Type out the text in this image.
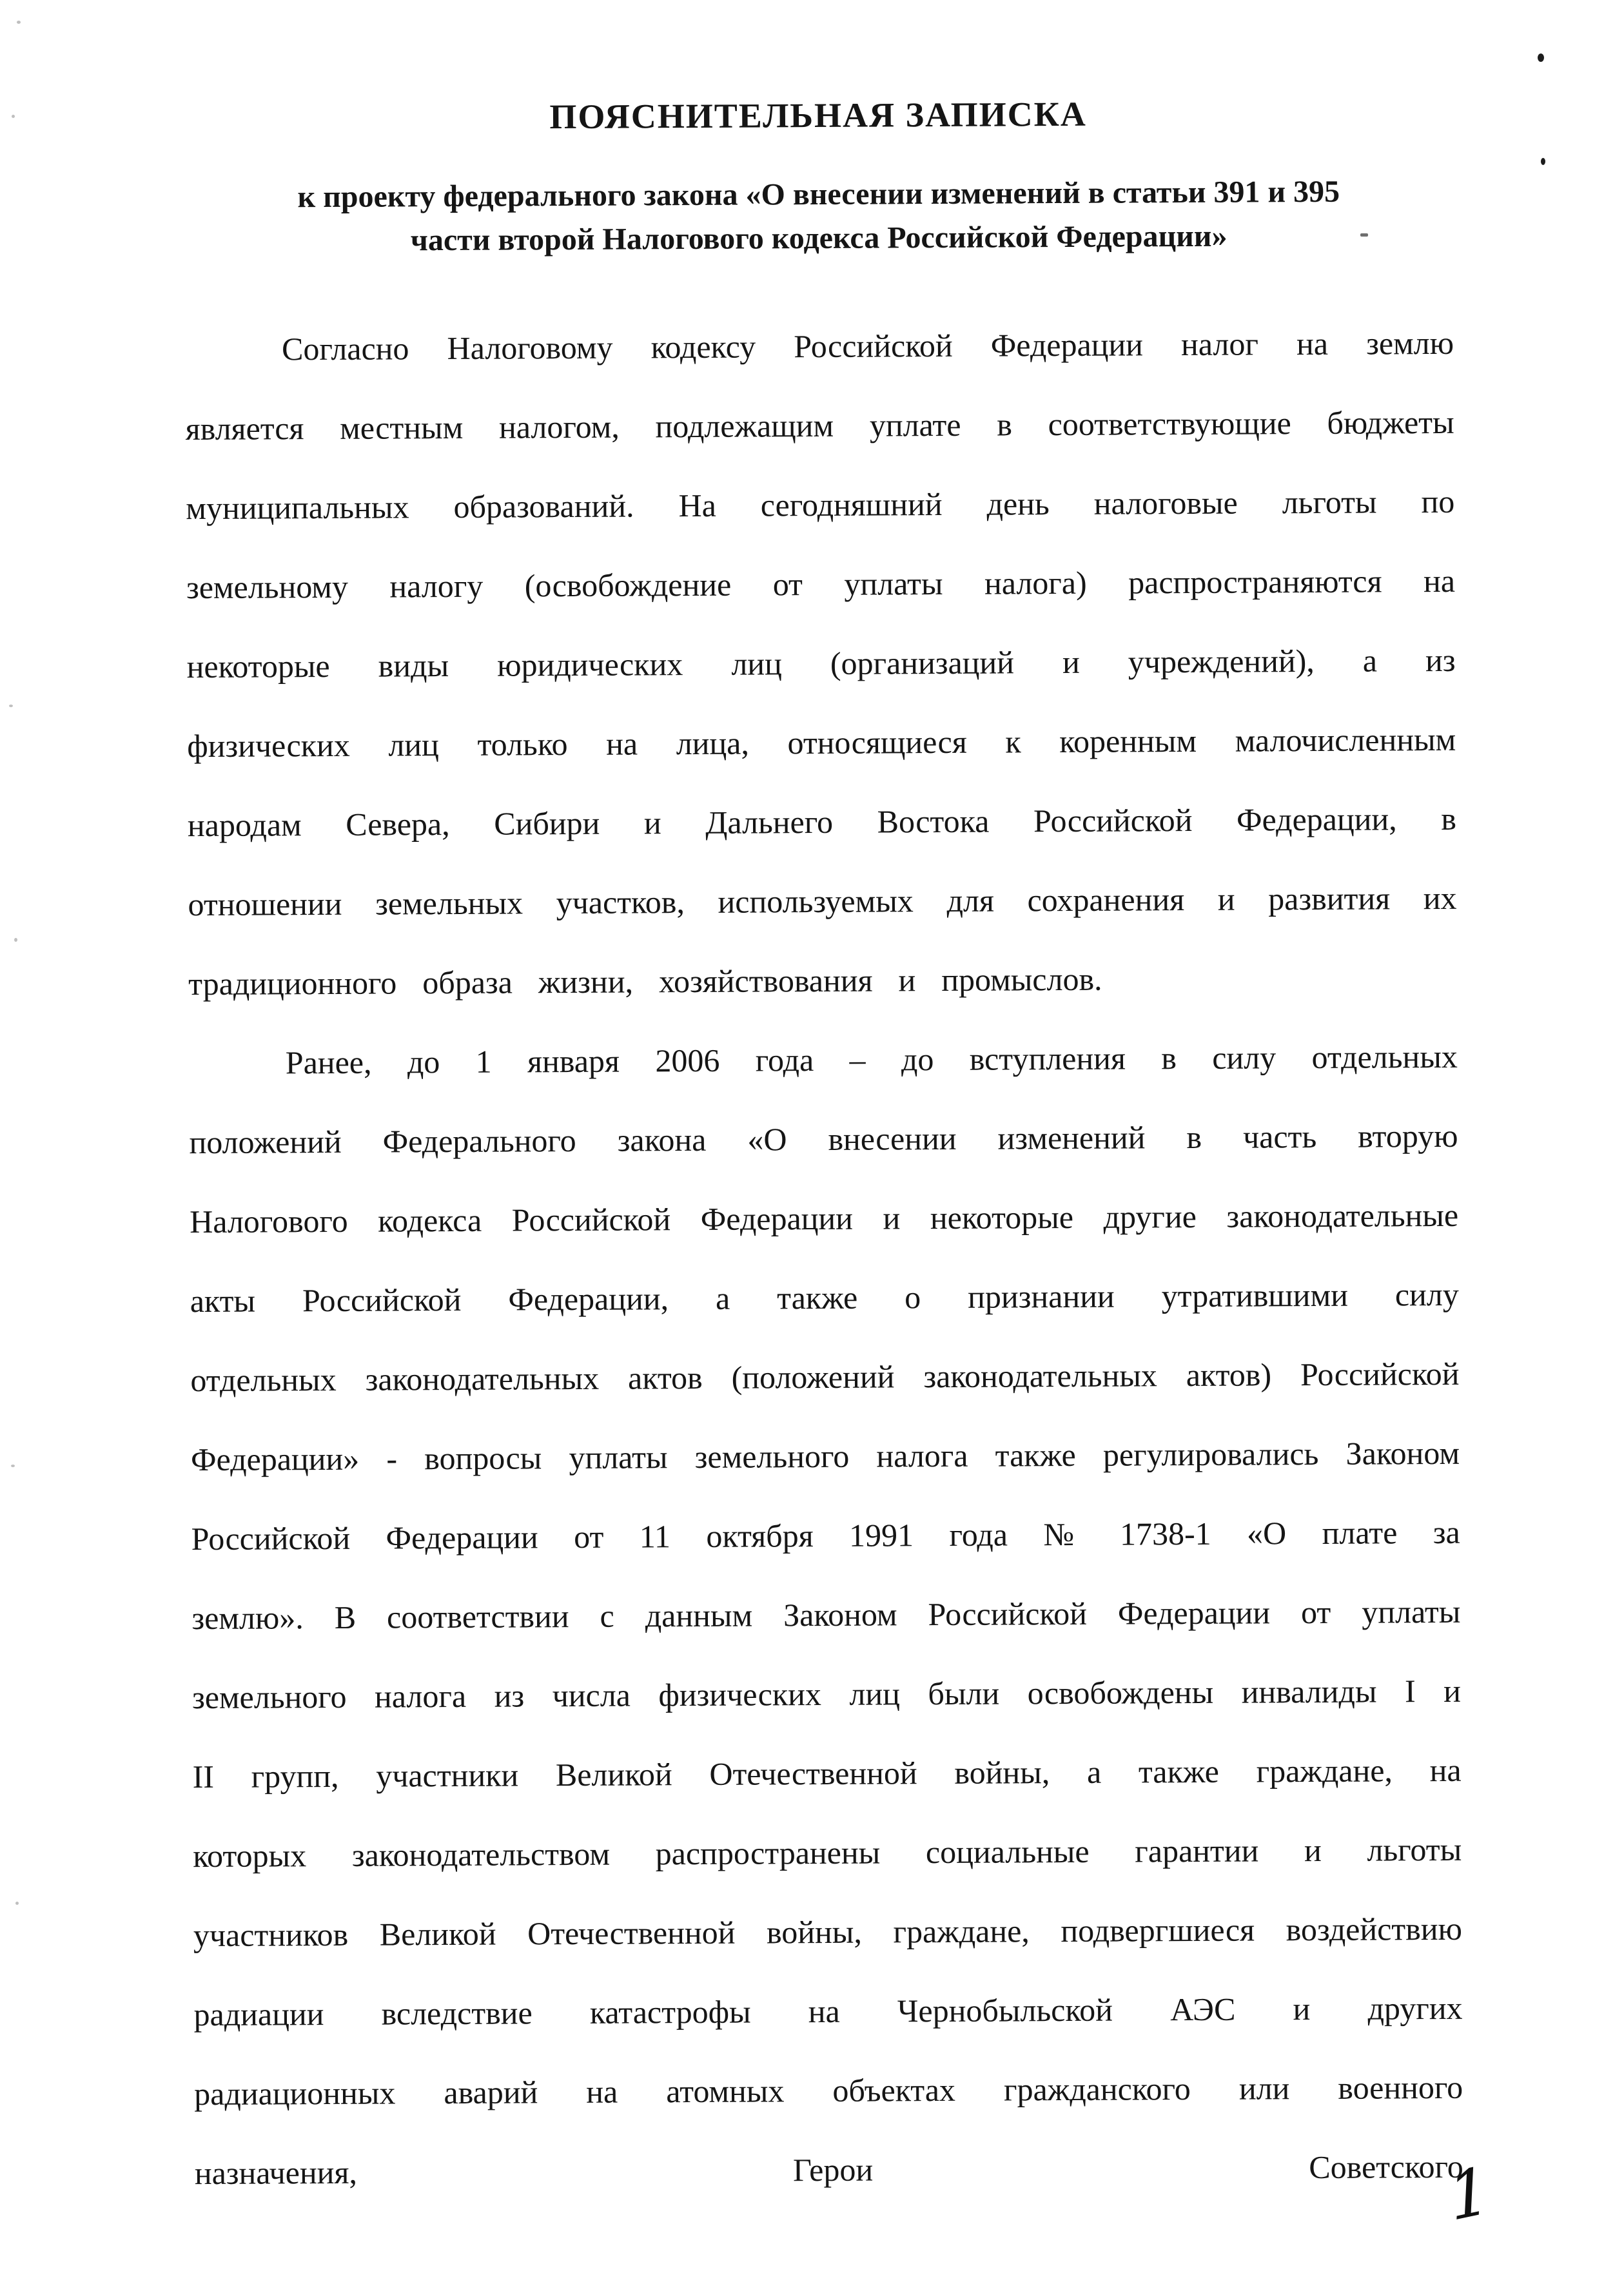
ПОЯСНИТЕЛЬНАЯ ЗАПИСКА
к проекту федерального закона «О внесении изменений в статьи 391 и 395
части второй Налогового кодекса Российской Федерации»

Согласно Налоговому кодексу Российской Федерации налог на землю является местным налогом, подлежащим уплате в соответствующие бюджеты муниципальных образований. На сегодняшний день налоговые льготы по земельному налогу (освобождение от уплаты налога) распространяются на некоторые виды юридических лиц (организаций и учреждений), а из физических лиц только на лица, относящиеся к коренным малочисленным народам Севера, Сибири и Дальнего Востока Российской Федерации, в отношении земельных участков, используемых для сохранения и развития их традиционного образа жизни, хозяйствования и промыслов.

Ранее, до 1 января 2006 года – до вступления в силу отдельных положений Федерального закона «О внесении изменений в часть вторую Налогового кодекса Российской Федерации и некоторые другие законодательные акты Российской Федерации, а также о признании утратившими силу отдельных законодательных актов (положений законодательных актов) Российской Федерации» - вопросы уплаты земельного налога также регулировались Законом Российской Федерации от 11 октября 1991 года № 1738-1 «О плате за землю». В соответствии с данным Законом Российской Федерации от уплаты земельного налога из числа физических лиц были освобождены инвалиды I и II групп, участники Великой Отечественной войны, а также граждане, на которых законодательством распространены социальные гарантии и льготы участников Великой Отечественной войны, граждане, подвергшиеся воздействию радиации вследствие катастрофы на Чернобыльской АЭС и других радиационных аварий на атомных объектах гражданского или военного назначения, Герои Советского

1
